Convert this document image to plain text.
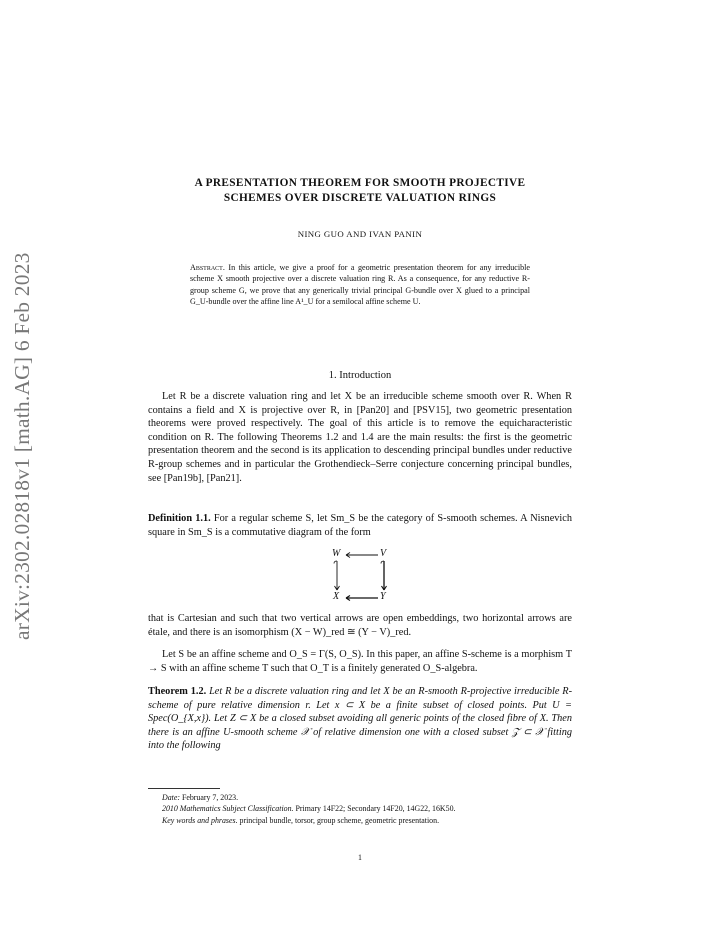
arXiv:2302.02818v1 [math.AG] 6 Feb 2023
A PRESENTATION THEOREM FOR SMOOTH PROJECTIVE
SCHEMES OVER DISCRETE VALUATION RINGS
NING GUO AND IVAN PANIN
Abstract. In this article, we give a proof for a geometric presentation theorem for any irreducible scheme X smooth projective over a discrete valuation ring R. As a consequence, for any reductive R-group scheme G, we prove that any generically trivial principal G-bundle over X glued to a principal G_U-bundle over the affine line A¹_U for a semilocal affine scheme U.
1. Introduction
Let R be a discrete valuation ring and let X be an irreducible scheme smooth over R. When R contains a field and X is projective over R, in [Pan20] and [PSV15], two geometric presentation theorems were proved respectively. The goal of this article is to remove the equicharacteristic condition on R. The following Theorems 1.2 and 1.4 are the main results: the first is the geometric presentation theorem and the second is its application to descending principal bundles under reductive R-group schemes and in particular the Grothendieck–Serre conjecture concerning principal bundles, see [Pan19b], [Pan21].
Definition 1.1. For a regular scheme S, let Sm_S be the category of S-smooth schemes. A Nisnevich square in Sm_S is a commutative diagram of the form
W	V
X	Y
that is Cartesian and such that two vertical arrows are open embeddings, two horizontal arrows are étale, and there is an isomorphism (X − W)_red ≅ (Y − V)_red.
Let S be an affine scheme and O_S = Γ(S, O_S). In this paper, an affine S-scheme is a morphism T → S with an affine scheme T such that O_T is a finitely generated O_S-algebra.
Theorem 1.2. Let R be a discrete valuation ring and let X be an R-smooth R-projective irreducible R-scheme of pure relative dimension r. Let x ⊂ X be a finite subset of closed points. Put U = Spec(O_{X,x}). Let Z ⊂ X be a closed subset avoiding all generic points of the closed fibre of X. Then there is an affine U-smooth scheme 𝒳 of relative dimension one with a closed subset 𝒵 ⊂ 𝒳 fitting into the following
Date: February 7, 2023.
2010 Mathematics Subject Classification. Primary 14F22; Secondary 14F20, 14G22, 16K50.
Key words and phrases. principal bundle, torsor, group scheme, geometric presentation.
1
